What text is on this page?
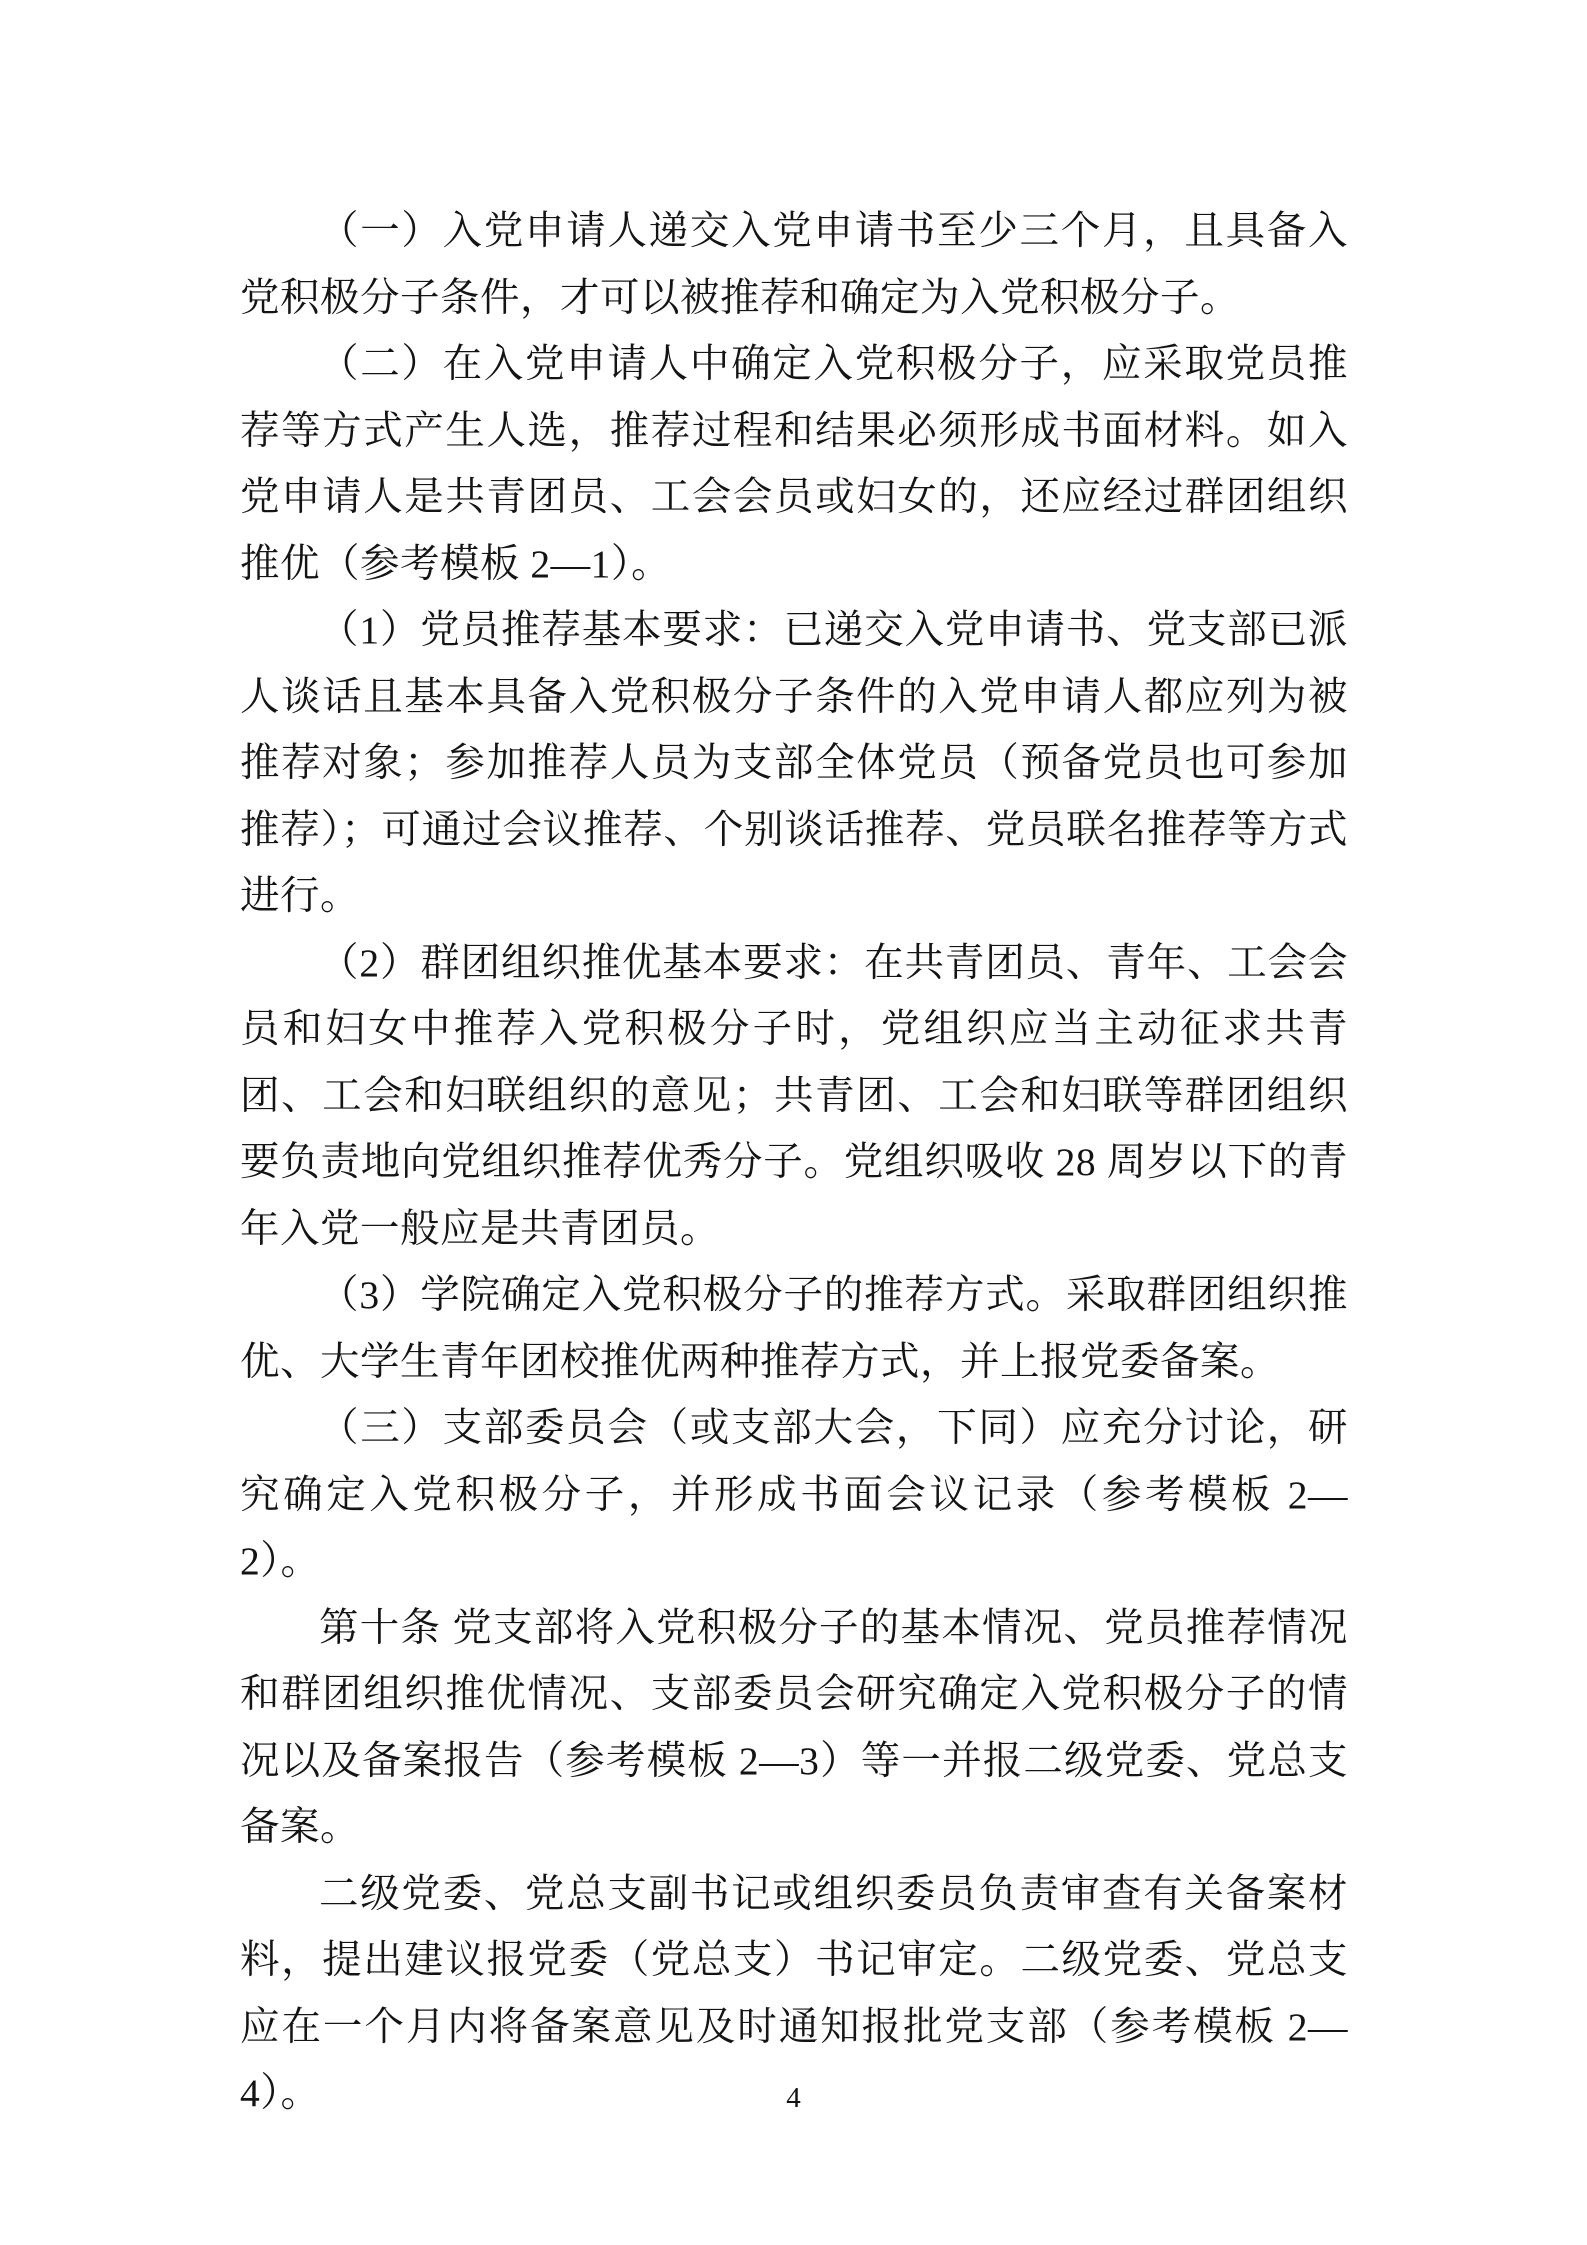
（一）入党申请人递交入党申请书至少三个月，且具备入党积极分子条件，才可以被推荐和确定为入党积极分子。

（二）在入党申请人中确定入党积极分子，应采取党员推荐等方式产生人选，推荐过程和结果必须形成书面材料。如入党申请人是共青团员、工会会员或妇女的，还应经过群团组织推优（参考模板 2—1）。

（1）党员推荐基本要求：已递交入党申请书、党支部已派人谈话且基本具备入党积极分子条件的入党申请人都应列为被推荐对象；参加推荐人员为支部全体党员（预备党员也可参加推荐）；可通过会议推荐、个别谈话推荐、党员联名推荐等方式进行。

（2）群团组织推优基本要求：在共青团员、青年、工会会员和妇女中推荐入党积极分子时，党组织应当主动征求共青团、工会和妇联组织的意见；共青团、工会和妇联等群团组织要负责地向党组织推荐优秀分子。党组织吸收 28 周岁以下的青年入党一般应是共青团员。

（3）学院确定入党积极分子的推荐方式。采取群团组织推优、大学生青年团校推优两种推荐方式，并上报党委备案。

（三）支部委员会（或支部大会，下同）应充分讨论，研究确定入党积极分子，并形成书面会议记录（参考模板 2—2）。

第十条 党支部将入党积极分子的基本情况、党员推荐情况和群团组织推优情况、支部委员会研究确定入党积极分子的情况以及备案报告（参考模板 2—3）等一并报二级党委、党总支备案。

二级党委、党总支副书记或组织委员负责审查有关备案材料，提出建议报党委（党总支）书记审定。二级党委、党总支应在一个月内将备案意见及时通知报批党支部（参考模板 2—4）。	4
